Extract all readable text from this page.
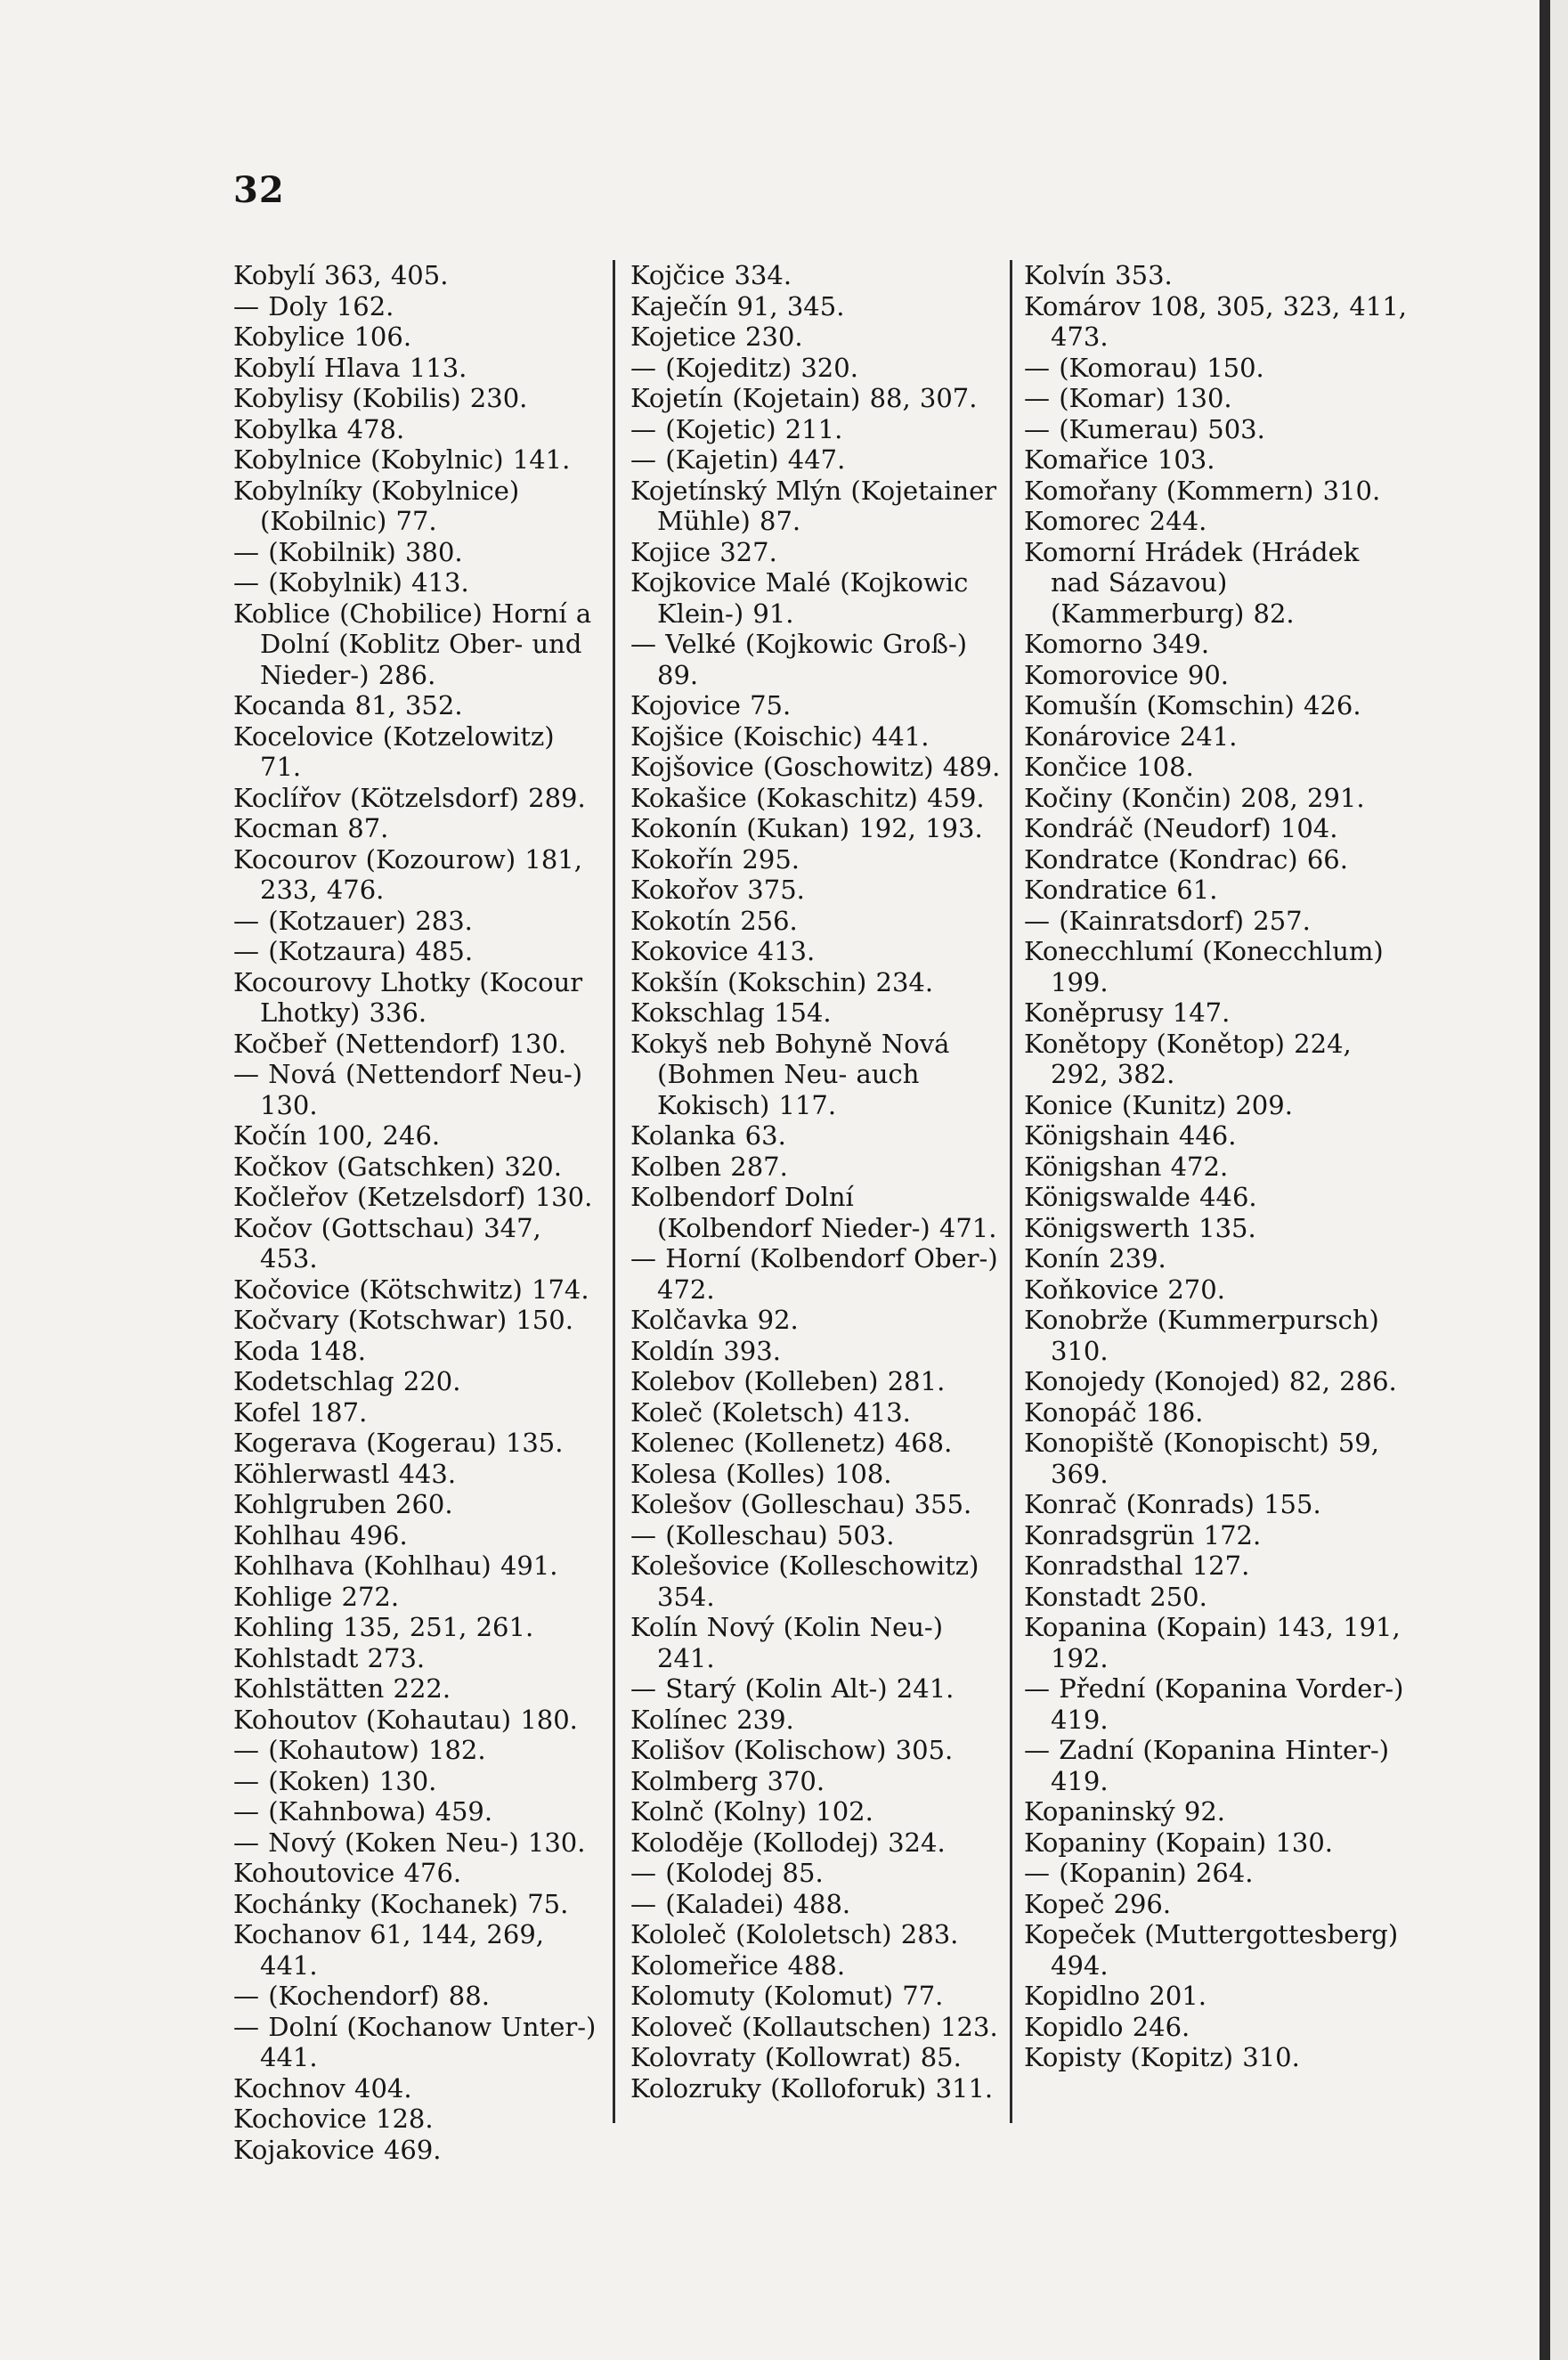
32
Kobylí 363, 405.
— Doly 162.
Kobylice 106.
Kobylí Hlava 113.
Kobylisy (Kobilis) 230.
Kobylka 478.
Kobylnice (Kobylnic) 141.
Kobylníky (Kobylnice) (Kobilnic) 77.
— (Kobilnik) 380.
— (Kobylnik) 413.
Koblice (Chobilice) Horní a Dolní (Koblitz Ober- und Nieder-) 286.
Kocanda 81, 352.
Kocelovice (Kotzelowitz) 71.
Koclířov (Kötzelsdorf) 289.
Kocman 87.
Kocourov (Kozourow) 181, 233, 476.
— (Kotzauer) 283.
— (Kotzaura) 485.
Kocourovy Lhotky (Kocour Lhotky) 336.
Kočbeř (Nettendorf) 130.
— Nová (Nettendorf Neu-) 130.
Kočín 100, 246.
Kočkov (Gatschken) 320.
Kočleřov (Ketzelsdorf) 130.
Kočov (Gottschau) 347, 453.
Kočovice (Kötschwitz) 174.
Kočvary (Kotschwar) 150.
Koda 148.
Kodetschlag 220.
Kofel 187.
Kogerava (Kogerau) 135.
Köhlerwastl 443.
Kohlgruben 260.
Kohlhau 496.
Kohlhava (Kohlhau) 491.
Kohlige 272.
Kohling 135, 251, 261.
Kohlstadt 273.
Kohlstätten 222.
Kohoutov (Kohautau) 180.
— (Kohautow) 182.
— (Koken) 130.
— (Kahnbowa) 459.
— Nový (Koken Neu-) 130.
Kohoutovice 476.
Kochánky (Kochanek) 75.
Kochanov 61, 144, 269, 441.
— (Kochendorf) 88.
— Dolní (Kochanow Unter-) 441.
Kochnov 404.
Kochovice 128.
Kojakovice 469.
Kojčice 334.
Kaječín 91, 345.
Kojetice 230.
— (Kojeditz) 320.
Kojetín (Kojetain) 88, 307.
— (Kojetic) 211.
— (Kajetin) 447.
Kojetínský Mlýn (Kojetainer Mühle) 87.
Kojice 327.
Kojkovice Malé (Kojkowic Klein-) 91.
— Velké (Kojkowic Groß-) 89.
Kojovice 75.
Kojšice (Koischic) 441.
Kojšovice (Goschowitz) 489.
Kokašice (Kokaschitz) 459.
Kokonín (Kukan) 192, 193.
Kokořín 295.
Kokořov 375.
Kokotín 256.
Kokovice 413.
Kokšín (Kokschin) 234.
Kokschlag 154.
Kokyš neb Bohyně Nová (Bohmen Neu- auch Kokisch) 117.
Kolanka 63.
Kolben 287.
Kolbendorf Dolní (Kolbendorf Nieder-) 471.
— Horní (Kolbendorf Ober-) 472.
Kolčavka 92.
Koldín 393.
Kolebov (Kolleben) 281.
Koleč (Koletsch) 413.
Kolenec (Kollenetz) 468.
Kolesa (Kolles) 108.
Kolešov (Golleschau) 355.
— (Kolleschau) 503.
Kolešovice (Kolleschowitz) 354.
Kolín Nový (Kolin Neu-) 241.
— Starý (Kolin Alt-) 241.
Kolínec 239.
Kolišov (Kolischow) 305.
Kolmberg 370.
Kolnč (Kolny) 102.
Koloděje (Kollodej) 324.
— (Kolodej 85.
— (Kaladei) 488.
Kololeč (Kololetsch) 283.
Kolomeřice 488.
Kolomuty (Kolomut) 77.
Koloveč (Kollautschen) 123.
Kolovraty (Kollowrat) 85.
Kolozruky (Kolloforuk) 311.
Kolvín 353.
Komárov 108, 305, 323, 411, 473.
— (Komorau) 150.
— (Komar) 130.
— (Kumerau) 503.
Komařice 103.
Komořany (Kommern) 310.
Komorec 244.
Komorní Hrádek (Hrádek nad Sázavou) (Kammerburg) 82.
Komorno 349.
Komorovice 90.
Komušín (Komschin) 426.
Konárovice 241.
Končice 108.
Kočiny (Končin) 208, 291.
Kondráč (Neudorf) 104.
Kondratce (Kondrac) 66.
Kondratice 61.
— (Kainratsdorf) 257.
Konecchlumí (Konecchlum) 199.
Koněprusy 147.
Konětopy (Konětop) 224, 292, 382.
Konice (Kunitz) 209.
Königshain 446.
Königshan 472.
Königswalde 446.
Königswerth 135.
Konín 239.
Koňkovice 270.
Konobrže (Kummerpursch) 310.
Konojedy (Konojed) 82, 286.
Konopáč 186.
Konopiště (Konopischt) 59, 369.
Konrač (Konrads) 155.
Konradsgrün 172.
Konradsthal 127.
Konstadt 250.
Kopanina (Kopain) 143, 191, 192.
— Přední (Kopanina Vorder-) 419.
— Zadní (Kopanina Hinter-) 419.
Kopaninský 92.
Kopaniny (Kopain) 130.
— (Kopanin) 264.
Kopeč 296.
Kopeček (Muttergottesberg) 494.
Kopidlno 201.
Kopidlo 246.
Kopisty (Kopitz) 310.
